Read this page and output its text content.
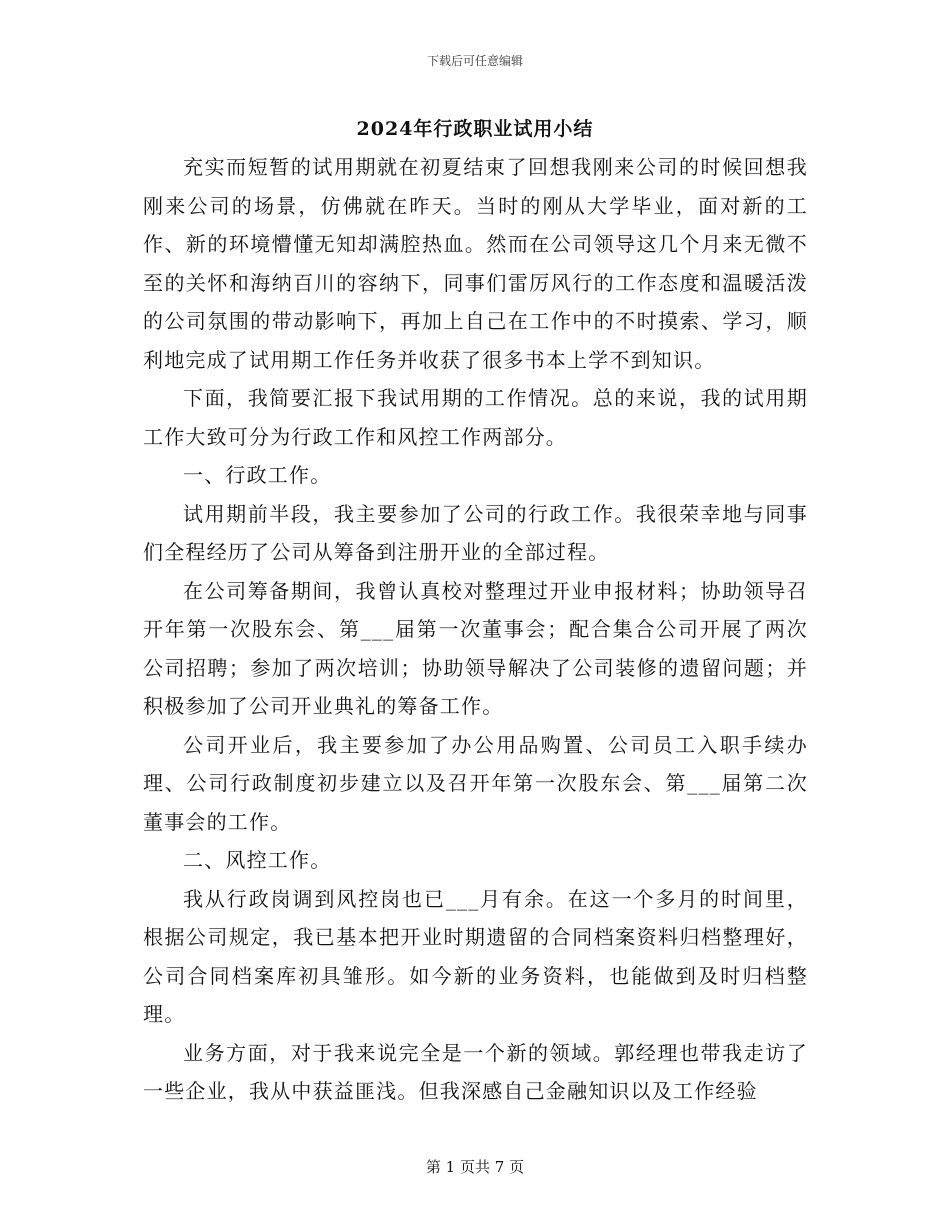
下载后可任意编辑
2024年行政职业试用小结

充实而短暂的试用期就在初夏结束了回想我刚来公司的时候回想我刚来公司的场景，仿佛就在昨天。当时的刚从大学毕业，面对新的工作、新的环境懵懂无知却满腔热血。然而在公司领导这几个月来无微不至的关怀和海纳百川的容纳下，同事们雷厉风行的工作态度和温暖活泼的公司氛围的带动影响下，再加上自己在工作中的不时摸索、学习，顺利地完成了试用期工作任务并收获了很多书本上学不到知识。

下面，我简要汇报下我试用期的工作情况。总的来说，我的试用期工作大致可分为行政工作和风控工作两部分。

一、行政工作。

试用期前半段，我主要参加了公司的行政工作。我很荣幸地与同事们全程经历了公司从筹备到注册开业的全部过程。

在公司筹备期间，我曾认真校对整理过开业申报材料；协助领导召开年第一次股东会、第___届第一次董事会；配合集合公司开展了两次公司招聘；参加了两次培训；协助领导解决了公司装修的遗留问题；并积极参加了公司开业典礼的筹备工作。

公司开业后，我主要参加了办公用品购置、公司员工入职手续办理、公司行政制度初步建立以及召开年第一次股东会、第___届第二次董事会的工作。

二、风控工作。

我从行政岗调到风控岗也已___月有余。在这一个多月的时间里，根据公司规定，我已基本把开业时期遗留的合同档案资料归档整理好，公司合同档案库初具雏形。如今新的业务资料，也能做到及时归档整理。

业务方面，对于我来说完全是一个新的领域。郭经理也带我走访了一些企业，我从中获益匪浅。但我深感自己金融知识以及工作经验

第 1 页共 7 页
